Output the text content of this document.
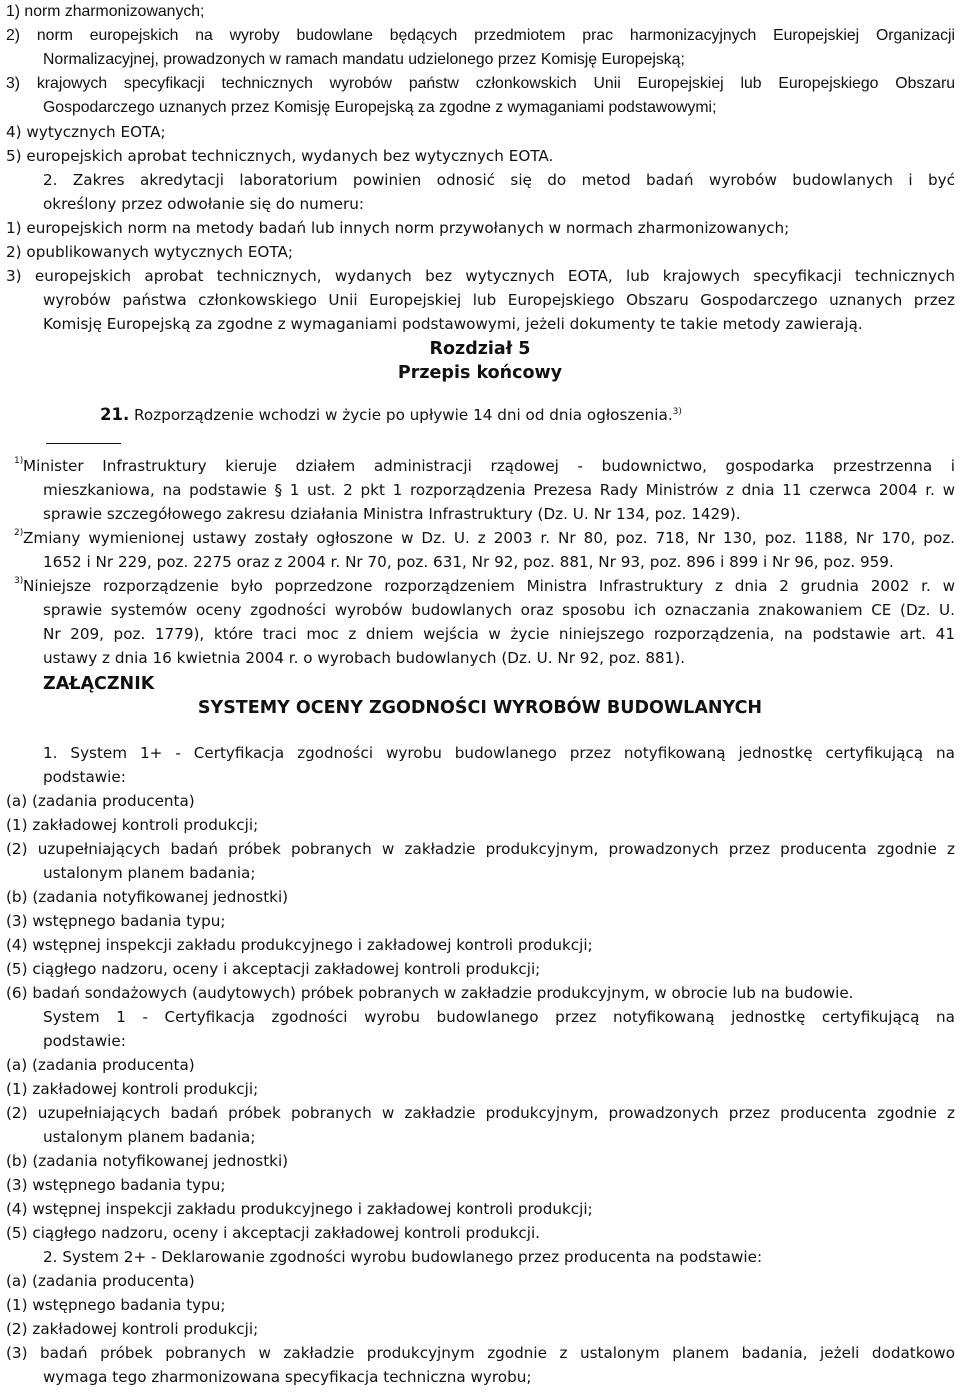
1) norm zharmonizowanych;
2) norm europejskich na wyroby budowlane będących przedmiotem prac harmonizacyjnych Europejskiej Organizacji
Normalizacyjnej, prowadzonych w ramach mandatu udzielonego przez Komisję Europejską;
3) krajowych specyfikacji technicznych wyrobów państw członkowskich Unii Europejskiej lub Europejskiego Obszaru
Gospodarczego uznanych przez Komisję Europejską za zgodne z wymaganiami podstawowymi;
4) wytycznych EOTA;
5) europejskich aprobat technicznych, wydanych bez wytycznych EOTA.
2. Zakres akredytacji laboratorium powinien odnosić się do metod badań wyrobów budowlanych i być
określony przez odwołanie się do numeru:
1) europejskich norm na metody badań lub innych norm przywołanych w normach zharmonizowanych;
2) opublikowanych wytycznych EOTA;
3) europejskich aprobat technicznych, wydanych bez wytycznych EOTA, lub krajowych specyfikacji technicznych
wyrobów państwa członkowskiego Unii Europejskiej lub Europejskiego Obszaru Gospodarczego uznanych przez
Komisję Europejską za zgodne z wymaganiami podstawowymi, jeżeli dokumenty te takie metody zawierają.
Rozdział 5
Przepis końcowy
21. Rozporządzenie wchodzi w życie po upływie 14 dni od dnia ogłoszenia.$^{3)}$
1) Minister Infrastruktury kieruje działem administracji rządowej - budownictwo, gospodarka przestrzenna i
mieszkaniowa, na podstawie § 1 ust. 2 pkt 1 rozporządzenia Prezesa Rady Ministrów z dnia 11 czerwca 2004 r. w
sprawie szczegółowego zakresu działania Ministra Infrastruktury (Dz. U. Nr 134, poz. 1429).
2) Zmiany wymienionej ustawy zostały ogłoszone w Dz. U. z 2003 r. Nr 80, poz. 718, Nr 130, poz. 1188, Nr 170, poz.
1652 i Nr 229, poz. 2275 oraz z 2004 r. Nr 70, poz. 631, Nr 92, poz. 881, Nr 93, poz. 896 i 899 i Nr 96, poz. 959.
3) Niniejsze rozporządzenie było poprzedzone rozporządzeniem Ministra Infrastruktury z dnia 2 grudnia 2002 r. w
sprawie systemów oceny zgodności wyrobów budowlanych oraz sposobu ich oznaczania znakowaniem CE (Dz. U.
Nr 209, poz. 1779), które traci moc z dniem wejścia w życie niniejszego rozporządzenia, na podstawie art. 41
ustawy z dnia 16 kwietnia 2004 r. o wyrobach budowlanych (Dz. U. Nr 92, poz. 881).
ZAŁĄCZNIK
SYSTEMY OCENY ZGODNOŚCI WYROBÓW BUDOWLANYCH
1. System 1+ - Certyfikacja zgodności wyrobu budowlanego przez notyfikowaną jednostkę certyfikującą na
podstawie:
(a) (zadania producenta)
(1) zakładowej kontroli produkcji;
(2) uzupełniających badań próbek pobranych w zakładzie produkcyjnym, prowadzonych przez producenta zgodnie z
ustalonym planem badania;
(b) (zadania notyfikowanej jednostki)
(3) wstępnego badania typu;
(4) wstępnej inspekcji zakładu produkcyjnego i zakładowej kontroli produkcji;
(5) ciągłego nadzoru, oceny i akceptacji zakładowej kontroli produkcji;
(6) badań sondażowych (audytowych) próbek pobranych w zakładzie produkcyjnym, w obrocie lub na budowie.
System 1 - Certyfikacja zgodności wyrobu budowlanego przez notyfikowaną jednostkę certyfikującą na
podstawie:
(a) (zadania producenta)
(1) zakładowej kontroli produkcji;
(2) uzupełniających badań próbek pobranych w zakładzie produkcyjnym, prowadzonych przez producenta zgodnie z
ustalonym planem badania;
(b) (zadania notyfikowanej jednostki)
(3) wstępnego badania typu;
(4) wstępnej inspekcji zakładu produkcyjnego i zakładowej kontroli produkcji;
(5) ciągłego nadzoru, oceny i akceptacji zakładowej kontroli produkcji.
2. System 2+ - Deklarowanie zgodności wyrobu budowlanego przez producenta na podstawie:
(a) (zadania producenta)
(1) wstępnego badania typu;
(2) zakładowej kontroli produkcji;
(3) badań próbek pobranych w zakładzie produkcyjnym zgodnie z ustalonym planem badania, jeżeli dodatkowo
wymaga tego zharmonizowana specyfikacja techniczna wyrobu;
